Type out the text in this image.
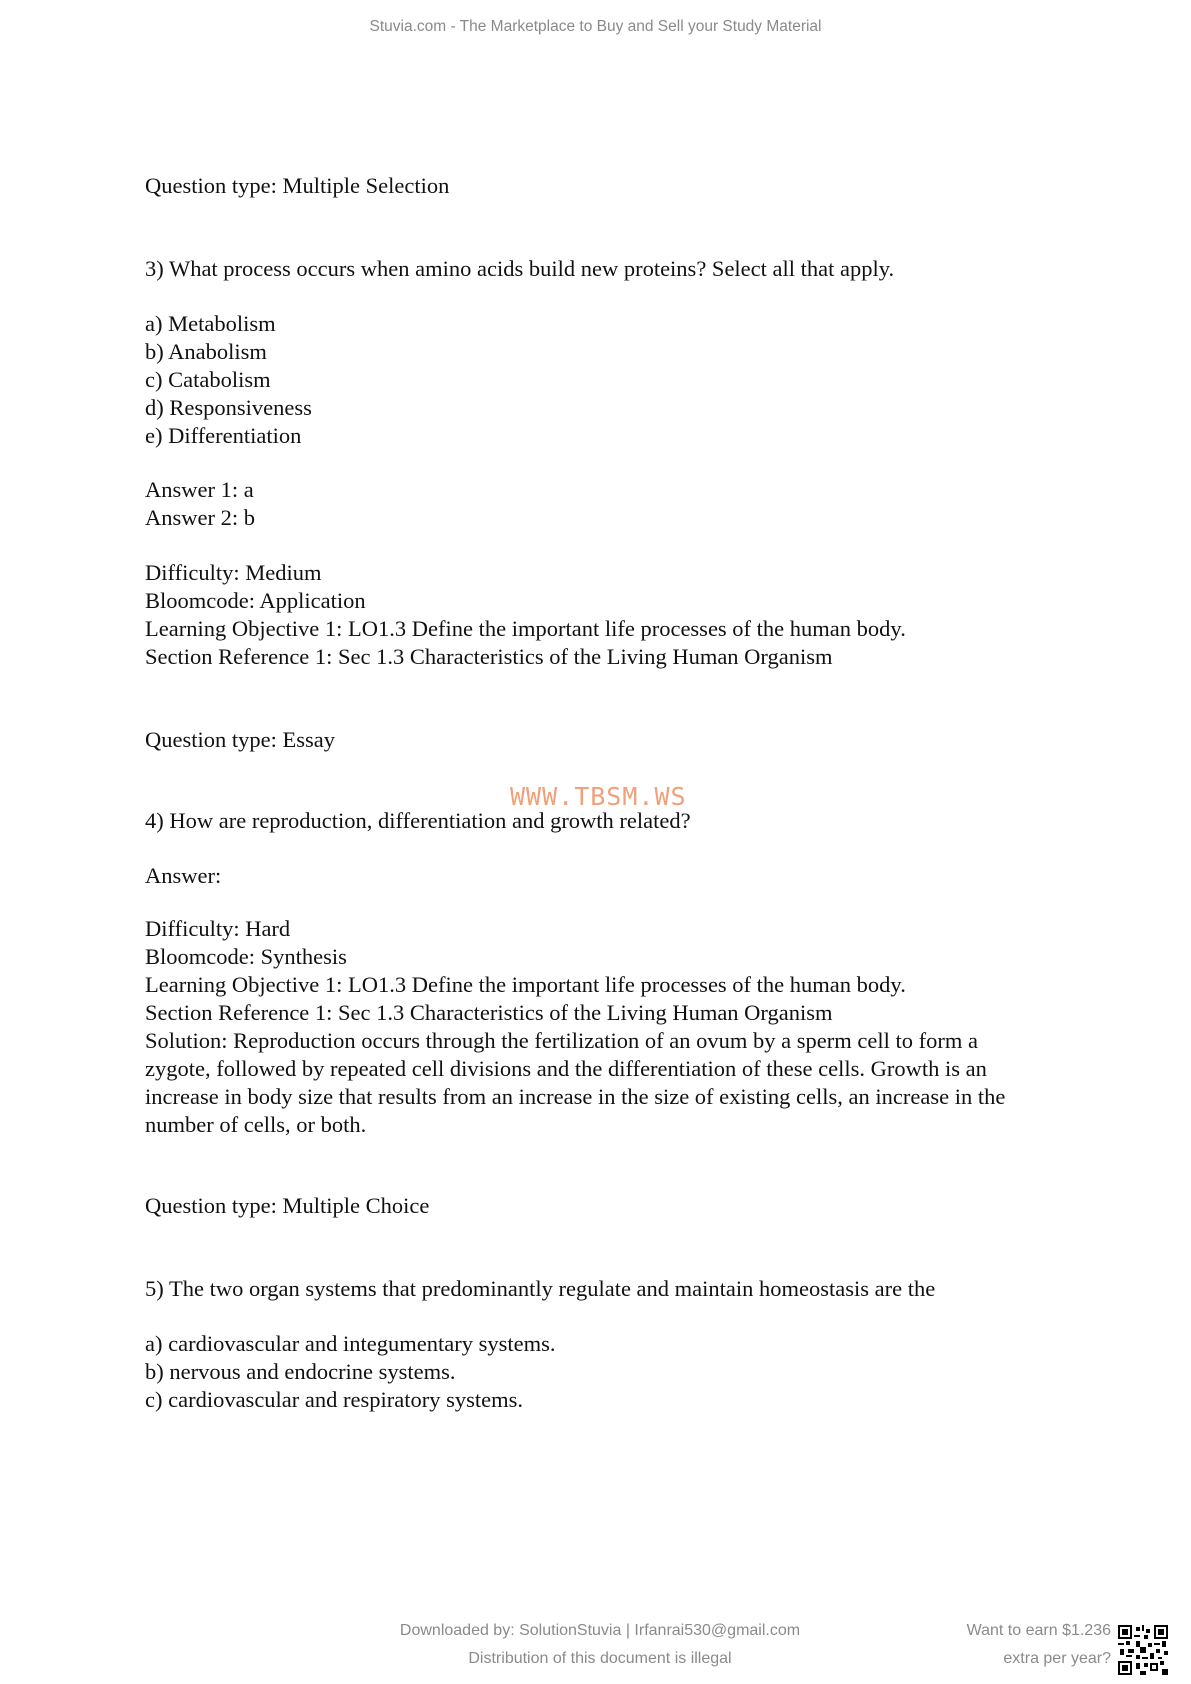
Stuvia.com - The Marketplace to Buy and Sell your Study Material
Question type: Multiple Selection
3) What process occurs when amino acids build new proteins? Select all that apply.
a) Metabolism
b) Anabolism
c) Catabolism
d) Responsiveness
e) Differentiation
Answer 1: a
Answer 2: b
Difficulty: Medium
Bloomcode: Application
Learning Objective 1: LO1.3 Define the important life processes of the human body.
Section Reference 1: Sec 1.3 Characteristics of the Living Human Organism
Question type: Essay
WWW.TBSM.WS
4) How are reproduction, differentiation and growth related?
Answer:
Difficulty: Hard
Bloomcode: Synthesis
Learning Objective 1: LO1.3 Define the important life processes of the human body.
Section Reference 1: Sec 1.3 Characteristics of the Living Human Organism
Solution: Reproduction occurs through the fertilization of an ovum by a sperm cell to form a
zygote, followed by repeated cell divisions and the differentiation of these cells. Growth is an
increase in body size that results from an increase in the size of existing cells, an increase in the
number of cells, or both.
Question type: Multiple Choice
5) The two organ systems that predominantly regulate and maintain homeostasis are the
a) cardiovascular and integumentary systems.
b) nervous and endocrine systems.
c) cardiovascular and respiratory systems.
Downloaded by: SolutionStuvia | Irfanrai530@gmail.com
Distribution of this document is illegal
Want to earn $1.236
extra per year?
